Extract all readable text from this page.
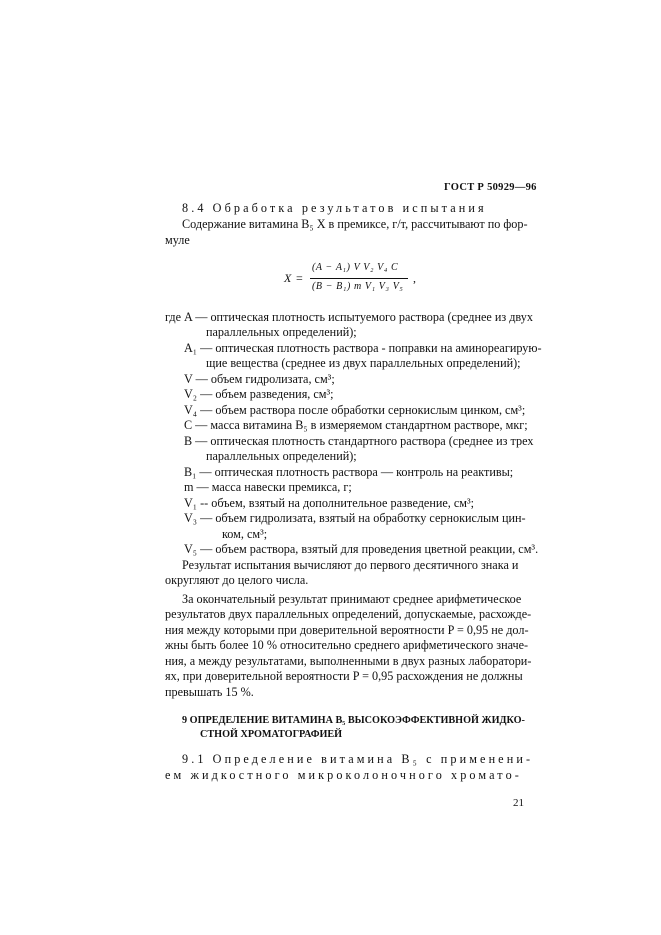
ГОСТ Р 50929—96
8.4 Обработка результатов испытания
Содержание витамина В₅ X в премиксе, г/т, рассчитывают по фор-
муле
X =
(A − A₁) V V₂ V₄ C
(B − B₁) m V₁ V₃ V₅
,
где A — оптическая плотность испытуемого раствора (среднее из двух
параллельных определений);
A₁ — оптическая плотность раствора - поправки на аминореагирую-
щие вещества (среднее из двух параллельных определений);
V — объем гидролизата, см³;
V₂ — объем разведения, см³;
V₄ — объем раствора после обработки сернокислым цинком, см³;
C — масса витамина В₅ в измеряемом стандартном растворе, мкг;
B — оптическая плотность стандартного раствора (среднее из трех
параллельных определений);
B₁ — оптическая плотность раствора — контроль на реактивы;
m — масса навески премикса, г;
V₁ -- объем, взятый на дополнительное разведение, см³;
V₃ — объем гидролизата, взятый на обработку сернокислым цин-
ком, см³;
V₅ — объем раствора, взятый для проведения цветной реакции, см³.
Результат испытания вычисляют до первого десятичного знака и
округляют до целого числа.
За окончательный результат принимают среднее арифметическое
результатов двух параллельных определений, допускаемые, расхожде-
ния между которыми при доверительной вероятности P = 0,95 не дол-
жны быть более 10 % относительно среднего арифметического значе-
ния, а между результатами, выполненными в двух разных лаборатори-
ях, при доверительной вероятности P = 0,95 расхождения не должны
превышать 15 %.
9 ОПРЕДЕЛЕНИЕ ВИТАМИНА В₅ ВЫСОКОЭФФЕКТИВНОЙ ЖИДКО-
СТНОЙ ХРОМАТОГРАФИЕЙ
9.1 Определение витамина В₅ с применени-
ем жидкостного микроколоночного хромато-
21
